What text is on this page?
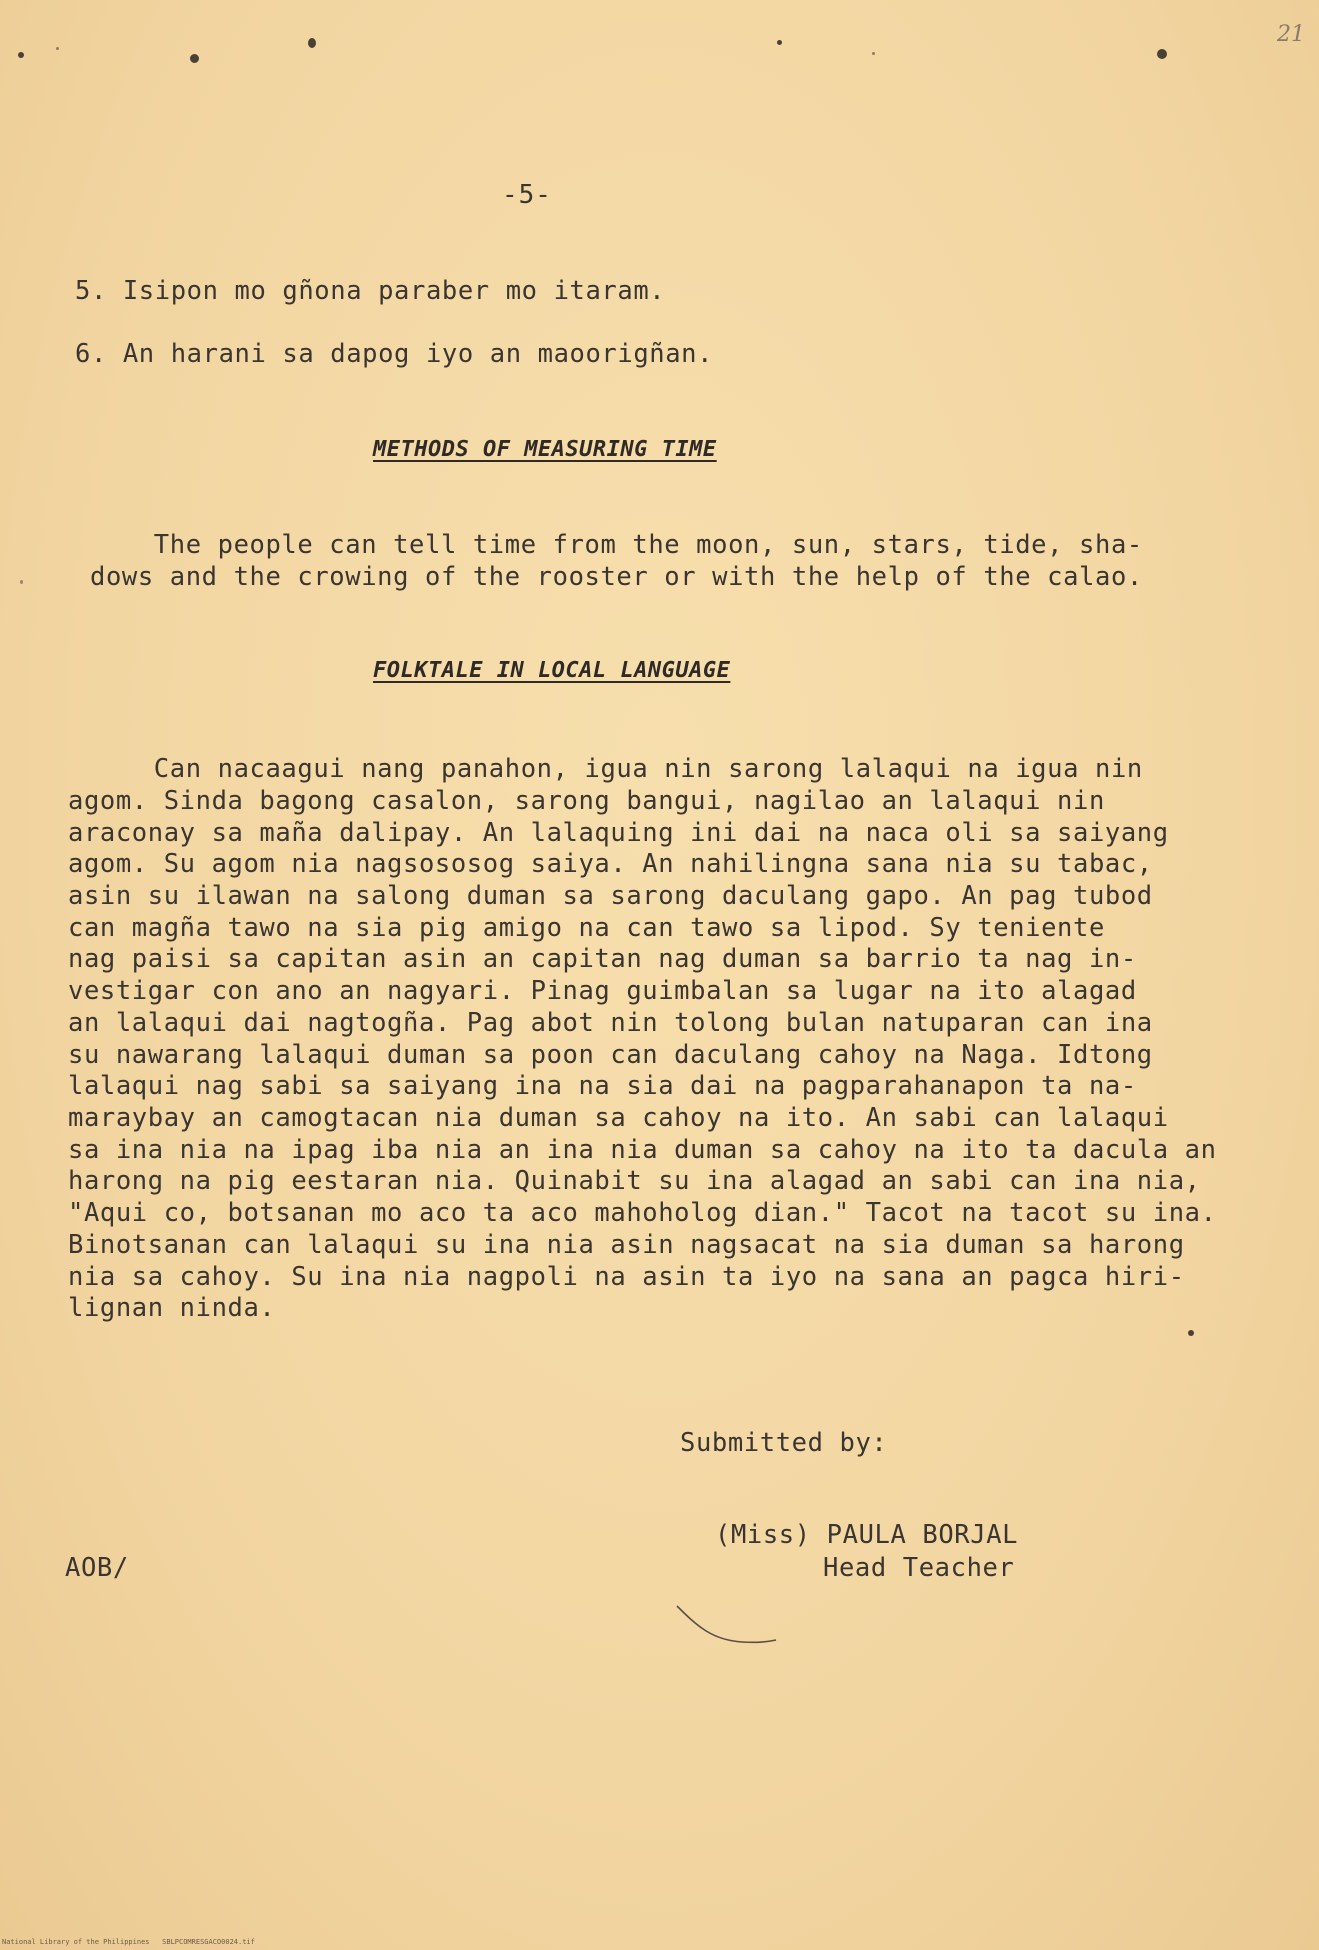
21
-5-
5. Isipon mo gñona paraber mo itaram.
6. An harani sa dapog iyo an maoorigñan.
METHODS OF MEASURING TIME
The people can tell time from the moon, sun, stars, tide, sha-
dows and the crowing of the rooster or with the help of the calao.
FOLKTALE IN LOCAL LANGUAGE
Can nacaagui nang panahon, igua nin sarong lalaqui na igua nin
agom. Sinda bagong casalon, sarong bangui, nagilao an lalaqui nin
araconay sa maña dalipay. An lalaquing ini dai na naca oli sa saiyang
agom. Su agom nia nagsososog saiya. An nahilingna sana nia su tabac,
asin su ilawan na salong duman sa sarong daculang gapo. An pag tubod
can magña tawo na sia pig amigo na can tawo sa lipod. Sy teniente
nag paisi sa capitan asin an capitan nag duman sa barrio ta nag in-
vestigar con ano an nagyari. Pinag guimbalan sa lugar na ito alagad
an lalaqui dai nagtogña. Pag abot nin tolong bulan natuparan can ina
su nawarang lalaqui duman sa poon can daculang cahoy na Naga. Idtong
lalaqui nag sabi sa saiyang ina na sia dai na pagparahanapon ta na-
maraybay an camogtacan nia duman sa cahoy na ito. An sabi can lalaqui
sa ina nia na ipag iba nia an ina nia duman sa cahoy na ito ta dacula an
harong na pig eestaran nia. Quinabit su ina alagad an sabi can ina nia,
"Aqui co, botsanan mo aco ta aco mahoholog dian." Tacot na tacot su ina.
Binotsanan can lalaqui su ina nia asin nagsacat na sia duman sa harong
nia sa cahoy. Su ina nia nagpoli na asin ta iyo na sana an pagca hiri-
lignan ninda.
Submitted by:
(Miss) PAULA BORJAL
Head Teacher
AOB/
National Library of the Philippines   SBLPCOMRESGACO0024.tif
